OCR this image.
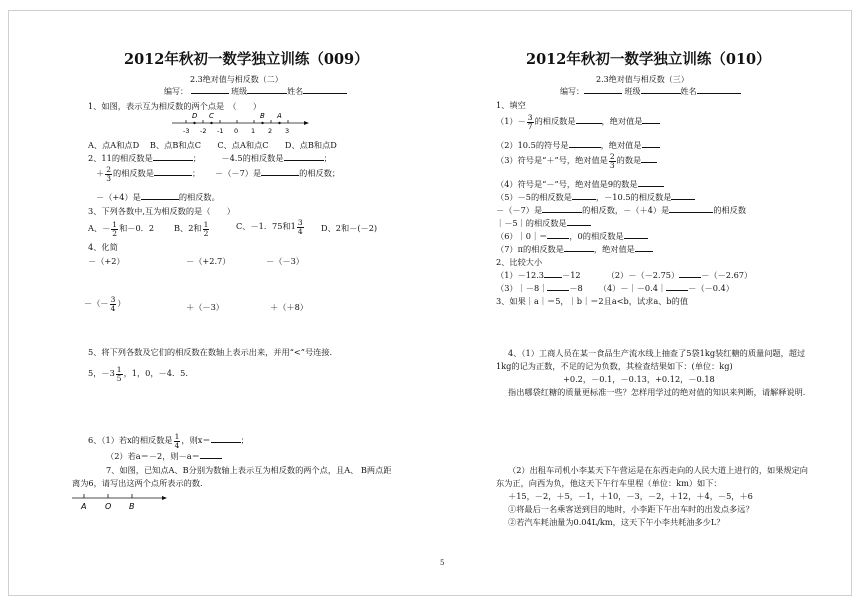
2012年秋初一数学独立训练（009）
2.3绝对值与相反数（二）
编写：	班级	姓名
1、如图，表示互为相反数的两个点是　（　　）
-3 -2 -1 0 1 2 3
D C	B A
A、点A和点D　 B、点B和点C　　C、点A和点C　　D、点B和点D
2、11的相反数是	；　　　－4.5的相反数是	；
＋ $\frac{2}{3}$ 的相反数是	；　　 －（－7）是	的相反数；
－（+4）是	的相反数。
3、下列各数中,互为相反数的是（　　）
A、－ $\frac{1}{2}$ 和－0．2 B、2和 $\frac{1}{2}$	C、－1．75和$1 \frac{3}{4}$ D、2和－(－2)
4、化简
－（+2）	－（+2.7）	－（－3）
－（－ $\frac{3}{4}$ ）	＋（－3）	＋（＋8）
5、将下列各数及它们的相反数在数轴上表示出来，并用“<”号连接.
5，$-3 \frac{1}{5}$ ，1，0，－4．5.
6、（1）若x的相反数是 $\frac{1}{4}$ ，则x＝	；
（2）若a＝－2，则－a＝
7、如图，已知点A、B分别为数轴上表示互为相反数的两个点，且A、 B两点距
离为6，请写出这两个点所表示的数.
A O B
2012年秋初一数学独立训练（010）
2.3绝对值与相反数（三）
编写：	班级	姓名
1、填空
$(1)- \frac{3}{7}$ 的相反数是	，绝对值是
（2）10.5的符号是	，绝对值是
（3）符号是“＋”号，绝对值是 $\frac{2}{3}$ 的数是
（4）符号是“－”号，绝对值是9的数是
（5）－5的相反数是	，－10.5的相反数是
－（－7）是	的相反数，－（＋4）是	的相反数
｜－5｜的相反数是
（6）｜0｜＝	，0的相反数是
（7）π的相反数是	，绝对值是
2、比较大小
（1）－12.3 －12	（2）－（－2.75）	－（－2.67）
（3）｜－8｜	－8 （4）－｜－0.4｜	－（－0.4）
3、如果｜a｜＝5，｜b｜＝2且a<b，试求a、b的值
4、（1）工商人员在某一食品生产流水线上抽查了5袋1kg装红糖的质量问题，超过
1kg的记为正数，不足的记为负数，其检查结果如下：(单位：kg)
+0.2，－0.1，－0.13，+0.12，－0.18
指出哪袋红糖的质量更标准一些？怎样用学过的绝对值的知识来判断，请解释说明.
（2）出租车司机小李某天下午营运是在东西走向的人民大道上进行的，如果规定向
东为正，向西为负，他这天下午行车里程（单位：km）如下：
＋15，－2，＋5，－1，＋10，－3，－2，＋12，＋4，－5，＋6
①将最后一名乘客送到目的地时，小李距下午出车时的出发点多远？
②若汽车耗油量为0.04L/km，这天下午小李共耗油多少L？
5
